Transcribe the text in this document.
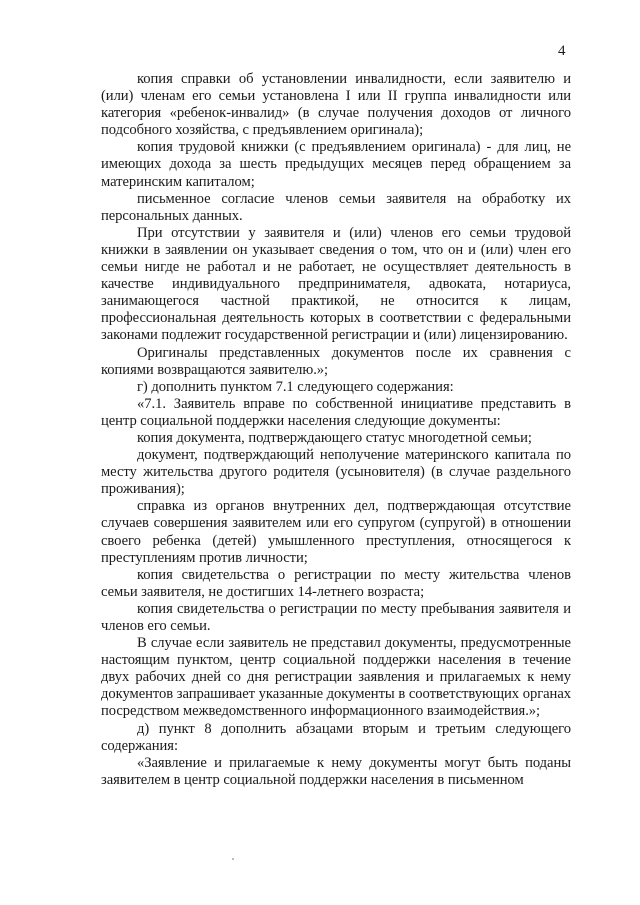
4

копия справки об установлении инвалидности, если заявителю и (или) членам его семьи установлена I или II группа инвалидности или категория «ребенок-инвалид» (в случае получения доходов от личного подсобного хозяйства, с предъявлением оригинала);

копия трудовой книжки (с предъявлением оригинала) - для лиц, не имеющих дохода за шесть предыдущих месяцев перед обращением за материнским капиталом;

письменное согласие членов семьи заявителя на обработку их персональных данных.

При отсутствии у заявителя и (или) членов его семьи трудовой книжки в заявлении он указывает сведения о том, что он и (или) член его семьи нигде не работал и не работает, не осуществляет деятельность в качестве индивидуального предпринимателя, адвоката, нотариуса, занимающегося частной практикой, не относится к лицам, профессиональная деятельность которых в соответствии с федеральными законами подлежит государственной регистрации и (или) лицензированию.

Оригиналы представленных документов после их сравнения с копиями возвращаются заявителю.»;

г) дополнить пунктом 7.1 следующего содержания:

«7.1. Заявитель вправе по собственной инициативе представить в центр социальной поддержки населения следующие документы:

копия документа, подтверждающего статус многодетной семьи;

документ, подтверждающий неполучение материнского капитала по месту жительства другого родителя (усыновителя) (в случае раздельного проживания);

справка из органов внутренних дел, подтверждающая отсутствие случаев совершения заявителем или его супругом (супругой) в отношении своего ребенка (детей) умышленного преступления, относящегося к преступлениям против личности;

копия свидетельства о регистрации по месту жительства членов семьи заявителя, не достигших 14-летнего возраста;

копия свидетельства о регистрации по месту пребывания заявителя и членов его семьи.

В случае если заявитель не представил документы, предусмотренные настоящим пунктом, центр социальной поддержки населения в течение двух рабочих дней со дня регистрации заявления и прилагаемых к нему документов запрашивает указанные документы в соответствующих органах посредством межведомственного информационного взаимодействия.»;

д) пункт 8 дополнить абзацами вторым и третьим следующего содержания:

«Заявление и прилагаемые к нему документы могут быть поданы заявителем в центр социальной поддержки населения в письменном
